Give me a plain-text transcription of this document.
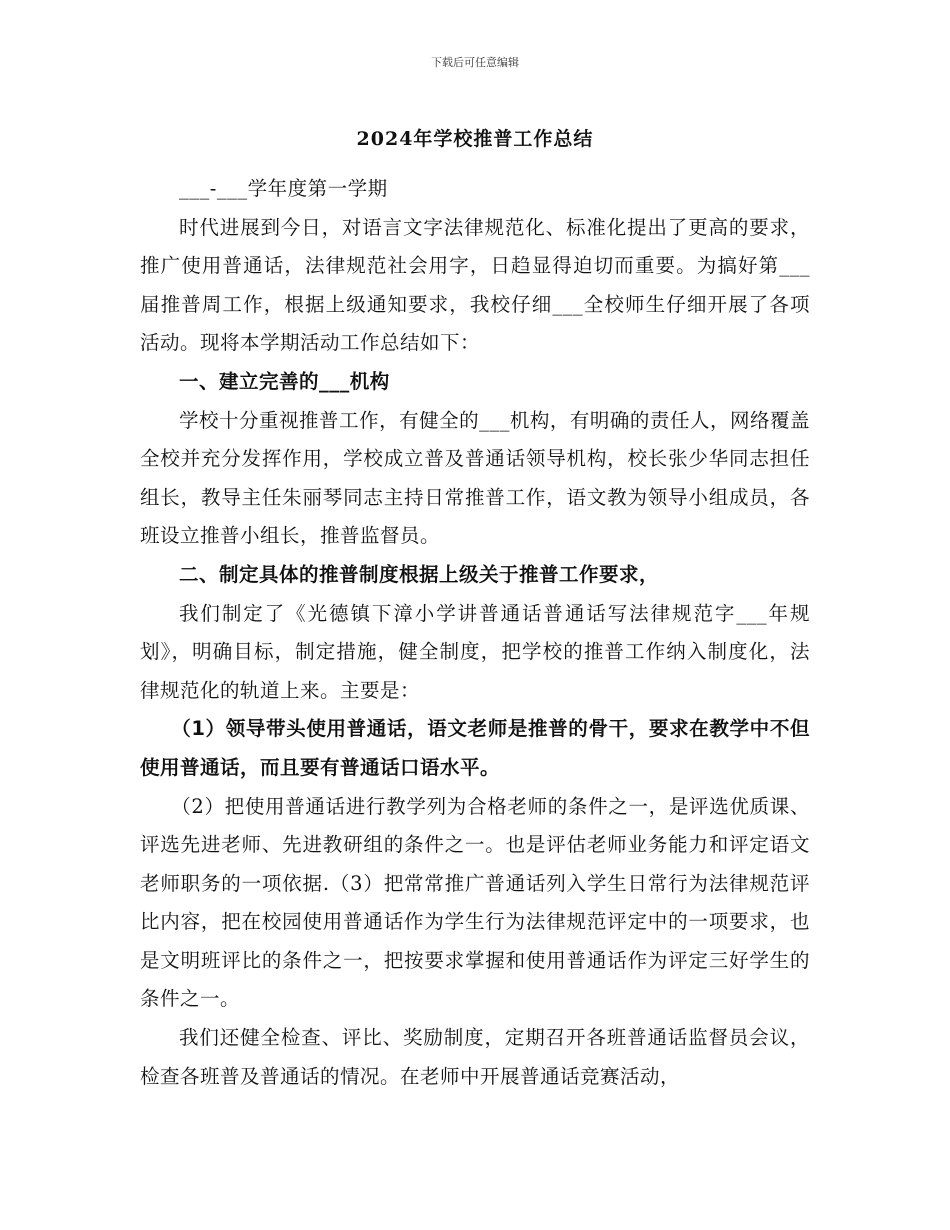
下载后可任意编辑
2024年学校推普工作总结

___-___学年度第一学期

时代进展到今日，对语言文字法律规范化、标准化提出了更高的要求，推广使用普通话，法律规范社会用字，日趋显得迫切而重要。为搞好第___届推普周工作，根据上级通知要求，我校仔细___全校师生仔细开展了各项活动。现将本学期活动工作总结如下：

一、建立完善的___机构

学校十分重视推普工作，有健全的___机构，有明确的责任人，网络覆盖全校并充分发挥作用，学校成立普及普通话领导机构，校长张少华同志担任组长，教导主任朱丽琴同志主持日常推普工作，语文教为领导小组成员，各班设立推普小组长，推普监督员。

二、制定具体的推普制度根据上级关于推普工作要求，

我们制定了《光德镇下漳小学讲普通话普通话写法律规范字___年规划》，明确目标，制定措施，健全制度，把学校的推普工作纳入制度化，法律规范化的轨道上来。主要是：

（1）领导带头使用普通话，语文老师是推普的骨干，要求在教学中不但使用普通话，而且要有普通话口语水平。

（2）把使用普通话进行教学列为合格老师的条件之一，是评选优质课、评选先进老师、先进教研组的条件之一。也是评估老师业务能力和评定语文老师职务的一项依据.（3）把常常推广普通话列入学生日常行为法律规范评比内容，把在校园使用普通话作为学生行为法律规范评定中的一项要求，也是文明班评比的条件之一，把按要求掌握和使用普通话作为评定三好学生的条件之一。

我们还健全检查、评比、奖励制度，定期召开各班普通话监督员会议，检查各班普及普通话的情况。在老师中开展普通话竞赛活动，
